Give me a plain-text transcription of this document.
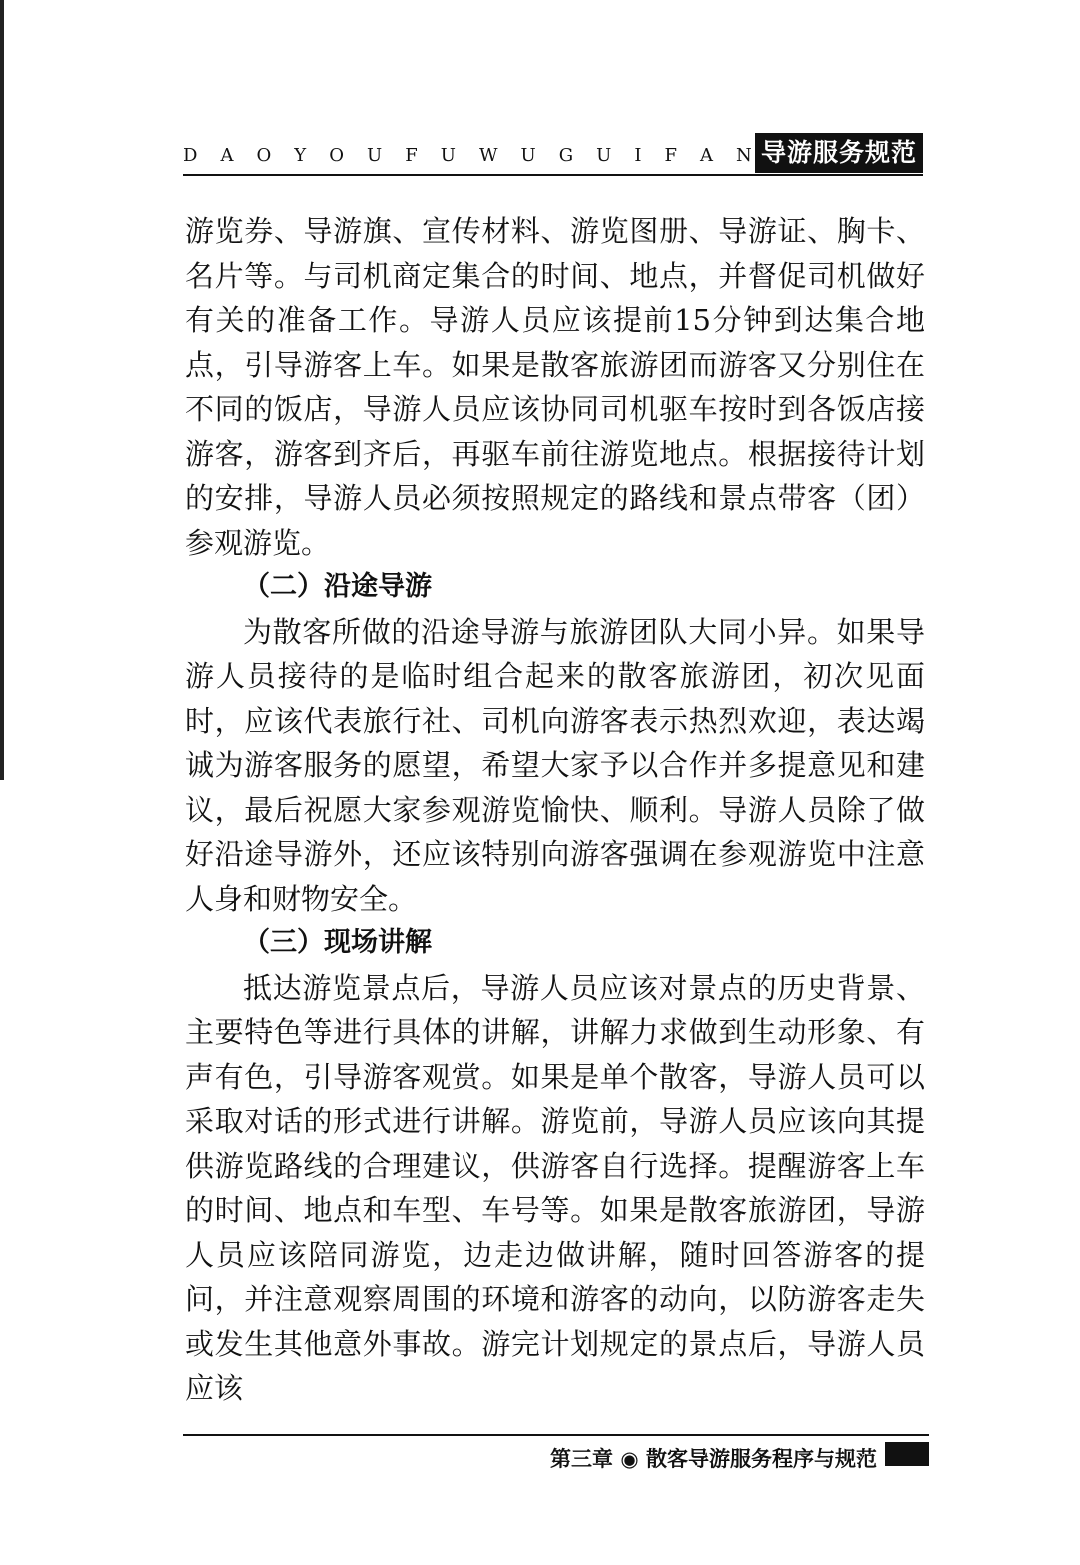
D A O Y O U F U W U G U I F A N 导游服务规范

游览券、导游旗、宣传材料、游览图册、导游证、胸卡、名片等。与司机商定集合的时间、地点，并督促司机做好有关的准备工作。导游人员应该提前15分钟到达集合地点，引导游客上车。如果是散客旅游团而游客又分别住在不同的饭店，导游人员应该协同司机驱车按时到各饭店接游客，游客到齐后，再驱车前往游览地点。根据接待计划的安排，导游人员必须按照规定的路线和景点带客（团）参观游览。

（二）沿途导游

为散客所做的沿途导游与旅游团队大同小异。如果导游人员接待的是临时组合起来的散客旅游团，初次见面时，应该代表旅行社、司机向游客表示热烈欢迎，表达竭诚为游客服务的愿望，希望大家予以合作并多提意见和建议，最后祝愿大家参观游览愉快、顺利。导游人员除了做好沿途导游外，还应该特别向游客强调在参观游览中注意人身和财物安全。

（三）现场讲解

抵达游览景点后，导游人员应该对景点的历史背景、主要特色等进行具体的讲解，讲解力求做到生动形象、有声有色，引导游客观赏。如果是单个散客，导游人员可以采取对话的形式进行讲解。游览前，导游人员应该向其提供游览路线的合理建议，供游客自行选择。提醒游客上车的时间、地点和车型、车号等。如果是散客旅游团，导游人员应该陪同游览，边走边做讲解，随时回答游客的提问，并注意观察周围的环境和游客的动向，以防游客走失或发生其他意外事故。游完计划规定的景点后，导游人员应该

第三章 ◉ 散客导游服务程序与规范
